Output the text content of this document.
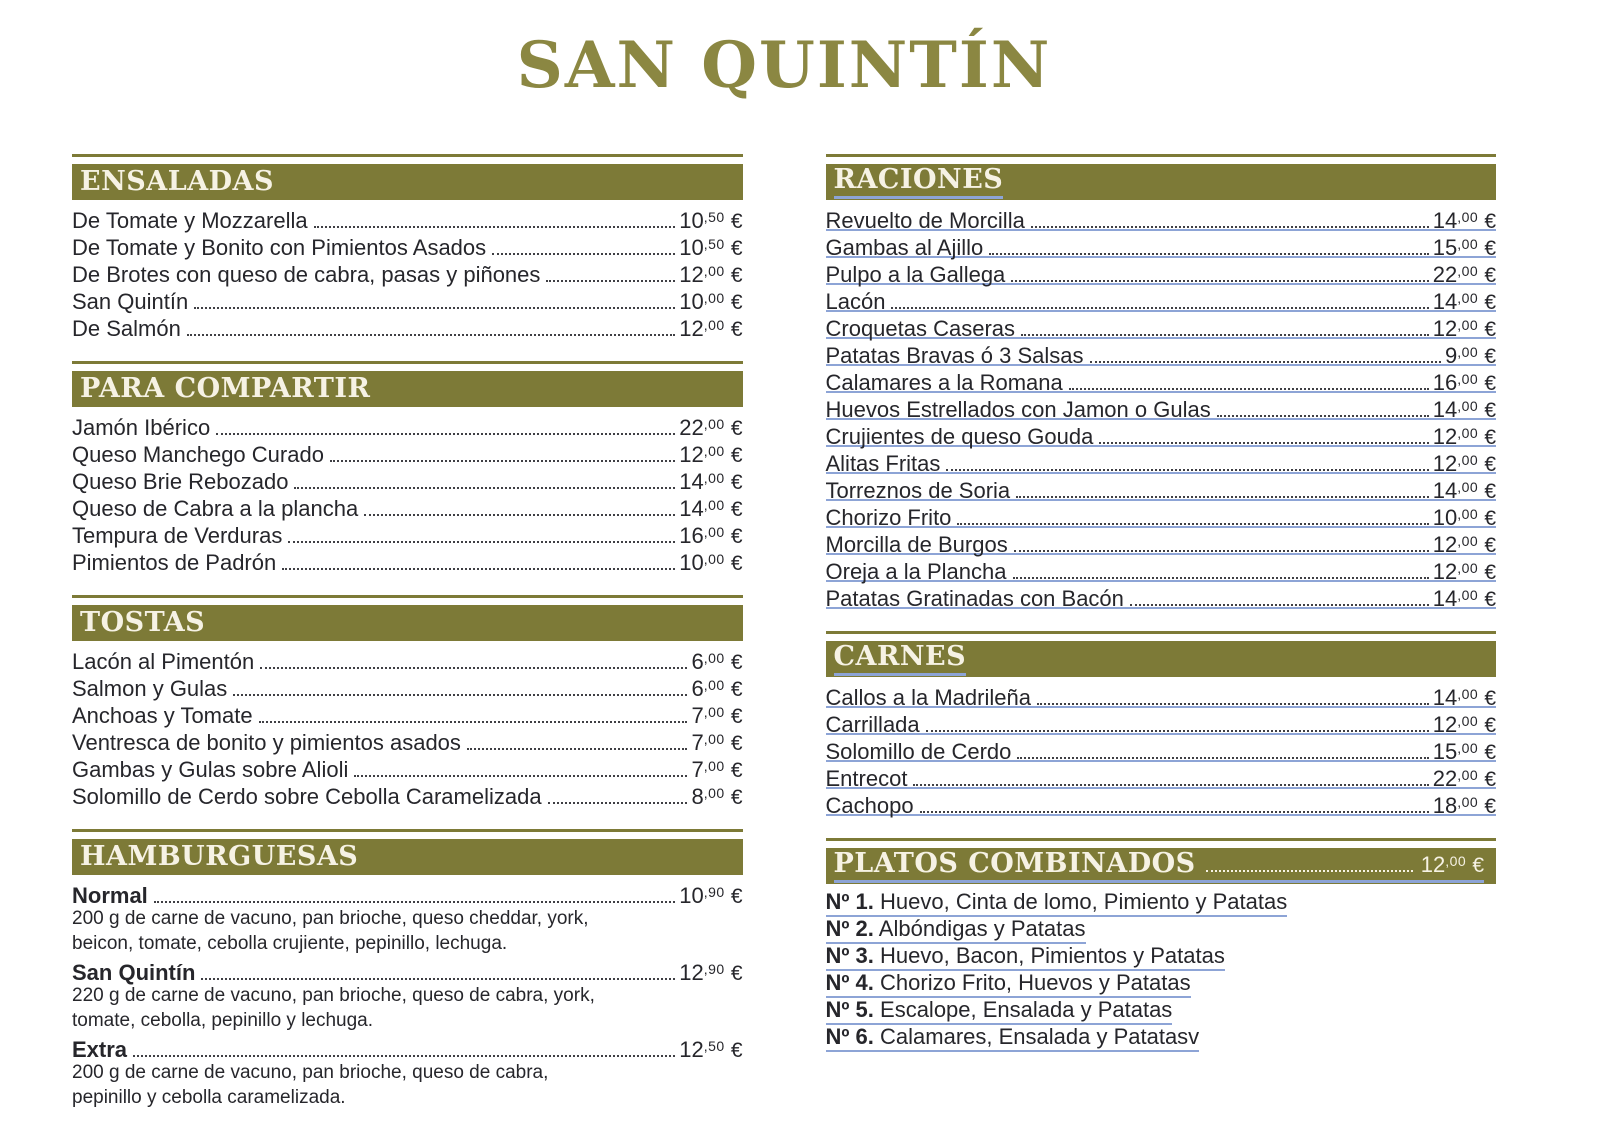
SAN QUINTÍN
ENSALADAS
De Tomate y Mozzarella	$10^{,50}$ €
De Tomate y Bonito con Pimientos Asados	$10^{,50}$ €
De Brotes con queso de cabra, pasas y piñones	$12^{,00}$ €
San Quintín	$10^{,00}$ €
De Salmón	$12^{,00}$ €
PARA COMPARTIR
Jamón Ibérico	$22^{,00}$ €
Queso Manchego Curado	$12^{,00}$ €
Queso Brie Rebozado	$14^{,00}$ €
Queso de Cabra a la plancha	$14^{,00}$ €
Tempura de Verduras	$16^{,00}$ €
Pimientos de Padrón	$10^{,00}$ €
TOSTAS
Lacón al Pimentón	$6^{,00}$ €
Salmon y Gulas	$6^{,00}$ €
Anchoas y Tomate	$7^{,00}$ €
Ventresca de bonito y pimientos asados	$7^{,00}$ €
Gambas y Gulas sobre Alioli	$7^{,00}$ €
Solomillo de Cerdo sobre Cebolla Caramelizada	$8^{,00}$ €
HAMBURGUESAS
Normal	$10^{,90}$ €
200 g de carne de vacuno, pan brioche, queso cheddar, york,
beicon, tomate, cebolla crujiente, pepinillo, lechuga.
San Quintín	$12^{,90}$ €
220 g de carne de vacuno, pan brioche, queso de cabra, york,
tomate, cebolla, pepinillo y lechuga.
Extra	$12^{,50}$ €
200 g de carne de vacuno, pan brioche, queso de cabra,
pepinillo y cebolla caramelizada.
RACIONES
Revuelto de Morcilla	$14^{,00}$ €
Gambas al Ajillo	$15^{,00}$ €
Pulpo a la Gallega	$22^{,00}$ €
Lacón	$14^{,00}$ €
Croquetas Caseras	$12^{,00}$ €
Patatas Bravas ó 3 Salsas	$9^{,00}$ €
Calamares a la Romana	$16^{,00}$ €
Huevos Estrellados con Jamon o Gulas	$14^{,00}$ €
Crujientes de queso Gouda	$12^{,00}$ €
Alitas Fritas	$12^{,00}$ €
Torreznos de Soria	$14^{,00}$ €
Chorizo Frito	$10^{,00}$ €
Morcilla de Burgos	$12^{,00}$ €
Oreja a la Plancha	$12^{,00}$ €
Patatas Gratinadas con Bacón	$14^{,00}$ €
CARNES
Callos a la Madrileña	$14^{,00}$ €
Carrillada	$12^{,00}$ €
Solomillo de Cerdo	$15^{,00}$ €
Entrecot	$22^{,00}$ €
Cachopo	$18^{,00}$ €
PLATOS COMBINADOS	$12^{,00}$ €
Nº 1. Huevo, Cinta de lomo, Pimiento y Patatas
Nº 2. Albóndigas y Patatas
Nº 3. Huevo, Bacon, Pimientos y Patatas
Nº 4. Chorizo Frito, Huevos y Patatas
Nº 5. Escalope, Ensalada y Patatas
Nº 6. Calamares, Ensalada y Patatasv
